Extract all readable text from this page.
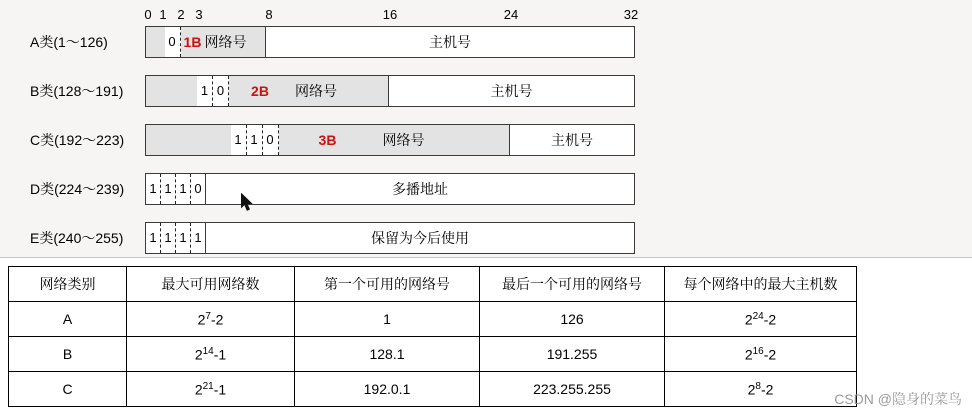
0 1 2 3	8	16	24	32
A类(1～126)	0 1B 网络号	主机号
B类(128～191)	1 0 2B 网络号	主机号
C类(192～223)	1 1 0	3B	网络号	主机号
D类(224～239)	1 1 1 0	多播地址
E类(240～255)	1 1 1 1	保留为今后使用
网络类别	最大可用网络数	第一个可用的网络号	最后一个可用的网络号	每个网络中的最大主机数
A	$2^7-2$	1	126	$2^{24}-2$
B	$2^{14}-1$	128.1	191.255	$2^{16}-2$
C	$2^{21}-1$	192.0.1	223.255.255	$2^8-2$
CSDN @隐身的菜鸟
